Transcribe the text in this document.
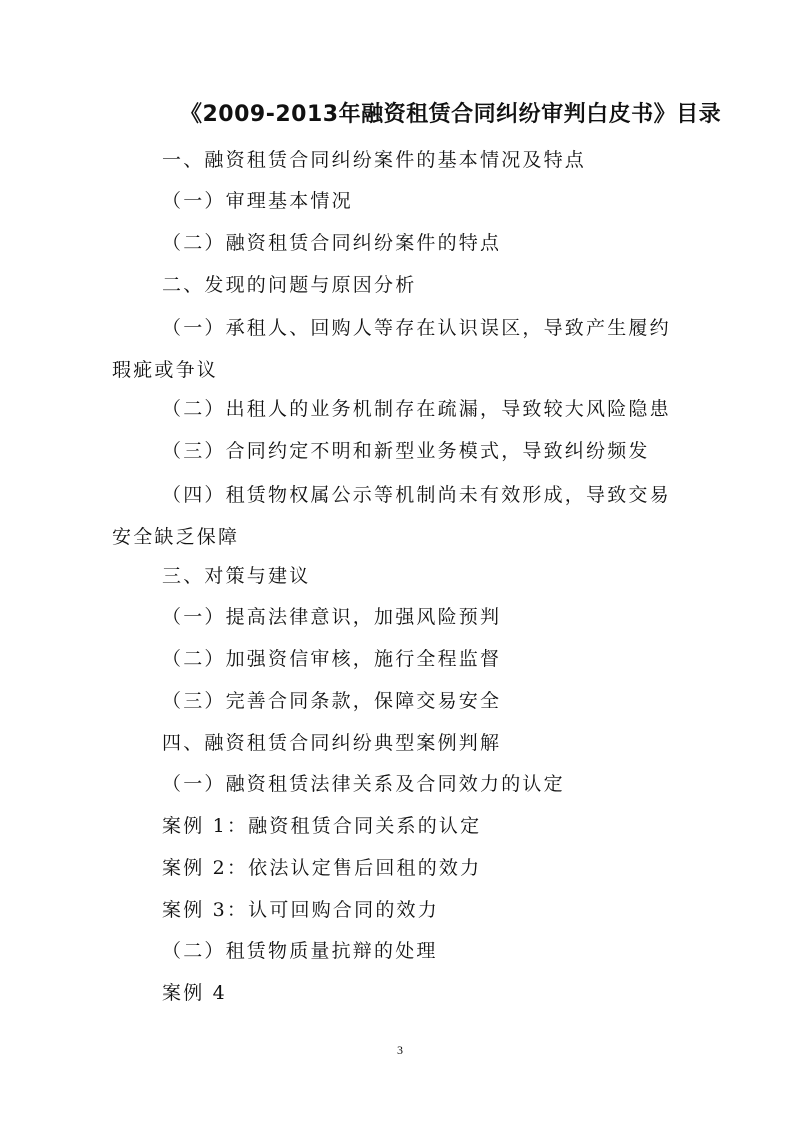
《2009-2013年融资租赁合同纠纷审判白皮书》目录
一、融资租赁合同纠纷案件的基本情况及特点
（一）审理基本情况
（二）融资租赁合同纠纷案件的特点
二、发现的问题与原因分析
（一）承租人、回购人等存在认识误区，导致产生履约瑕疵或争议
（二）出租人的业务机制存在疏漏，导致较大风险隐患
（三）合同约定不明和新型业务模式，导致纠纷频发
（四）租赁物权属公示等机制尚未有效形成，导致交易安全缺乏保障
三、对策与建议
（一）提高法律意识，加强风险预判
（二）加强资信审核，施行全程监督
（三）完善合同条款，保障交易安全
四、融资租赁合同纠纷典型案例判解
（一）融资租赁法律关系及合同效力的认定
案例 1：融资租赁合同关系的认定
案例 2：依法认定售后回租的效力
案例 3：认可回购合同的效力
（二）租赁物质量抗辩的处理
案例 4
3
